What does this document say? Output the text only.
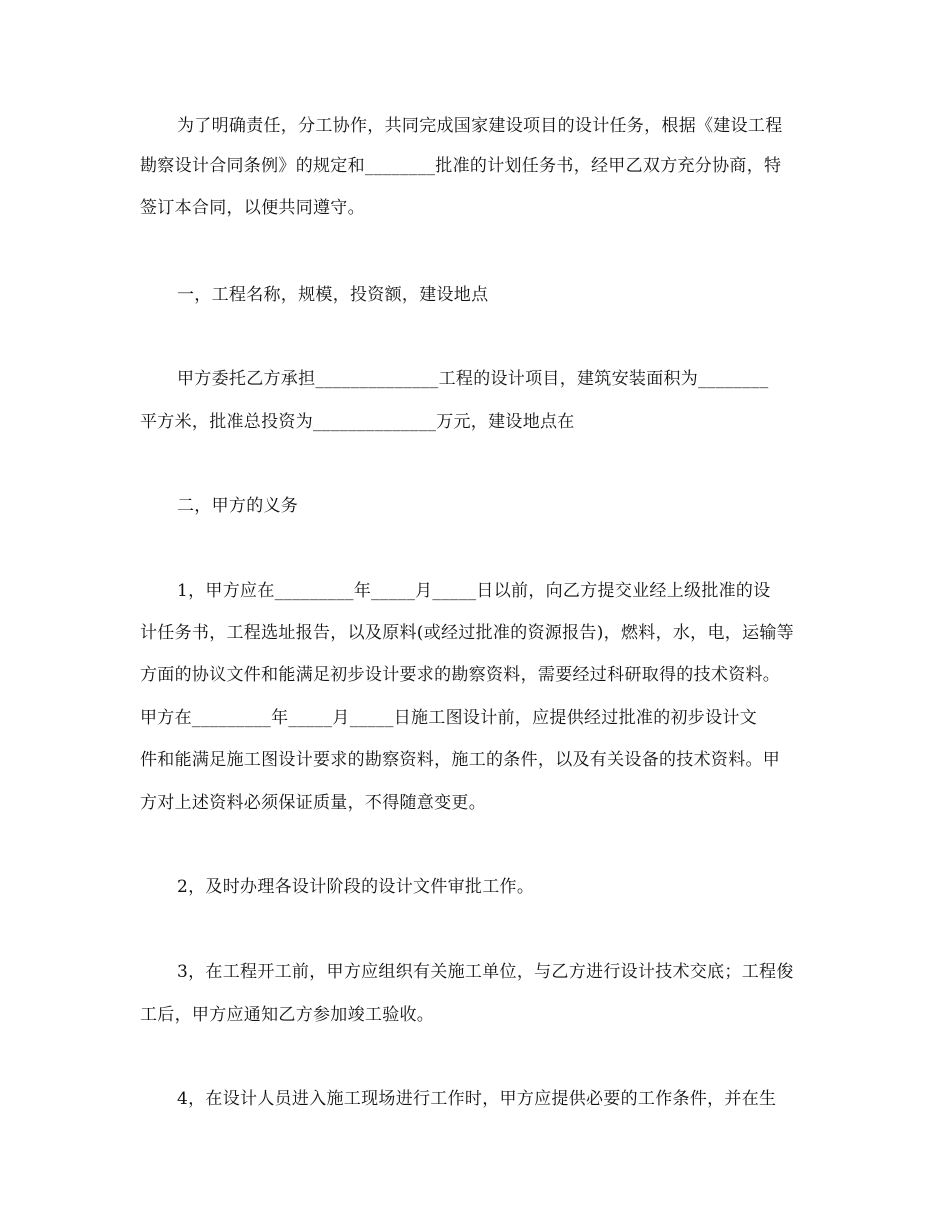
为了明确责任，分工协作，共同完成国家建设项目的设计任务，根据《建设工程
勘察设计合同条例》的规定和________批准的计划任务书，经甲乙双方充分协商，特
签订本合同，以便共同遵守。
一，工程名称，规模，投资额，建设地点
甲方委托乙方承担______________工程的设计项目，建筑安装面积为________
平方米，批准总投资为______________万元，建设地点在
二，甲方的义务
1，甲方应在_________年_____月_____日以前，向乙方提交业经上级批准的设
计任务书，工程选址报告，以及原料(或经过批准的资源报告)，燃料，水，电，运输等
方面的协议文件和能满足初步设计要求的勘察资料，需要经过科研取得的技术资料。
甲方在_________年_____月_____日施工图设计前，应提供经过批准的初步设计文
件和能满足施工图设计要求的勘察资料，施工的条件，以及有关设备的技术资料。甲
方对上述资料必须保证质量，不得随意变更。
2，及时办理各设计阶段的设计文件审批工作。
3，在工程开工前，甲方应组织有关施工单位，与乙方进行设计技术交底；工程俊
工后，甲方应通知乙方参加竣工验收。
4，在设计人员进入施工现场进行工作时，甲方应提供必要的工作条件，并在生
